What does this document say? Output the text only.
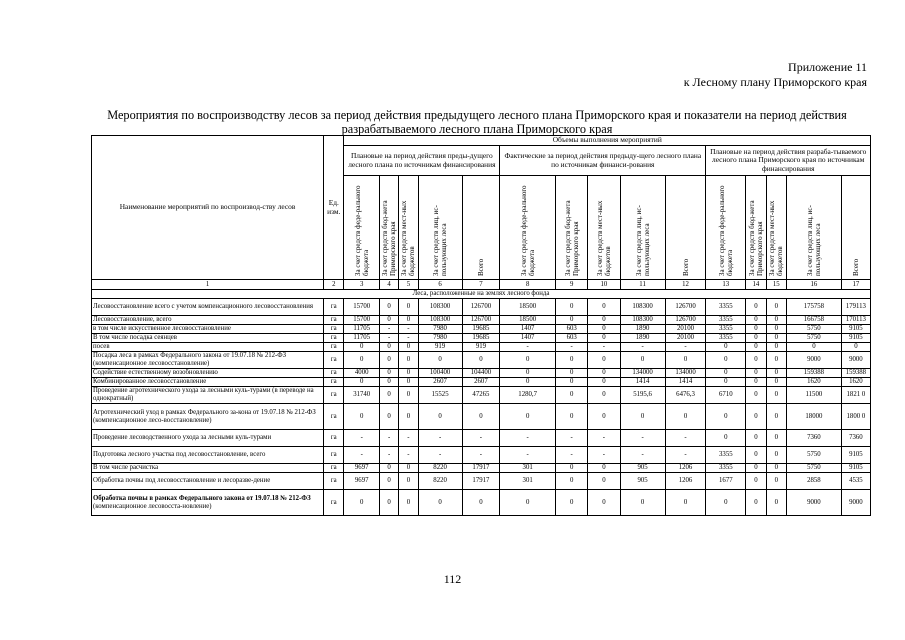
Приложение 11
к Лесному плану Приморского края
Мероприятия по воспроизводству лесов за период действия предыдущего лесного плана Приморского края и показатели на период действия
разрабатываемого лесного плана Приморского края
Наименование мероприятий по воспроизвод-ству лесов	Ед. изм.	Объемы выполнения мероприятий														
		Плановые на период действия преды-дущего лесного плана по источникам финансирования					Фактические за период действия предыду-щего лесного плана по источникам финанси-рования					Плановые на период действия разраба-тываемого лесного плана Приморского края по источникам финансирования				
		За счет средств феде-рального бюджета	За счет средств бюд-жета Приморского края	За счет средств мест-ных бюджетов	За счет средств лиц, ис-пользующих леса	Всего	За счет средств феде-рального бюджета	За счет средств бюд-жета Приморского края	За счет средств мест-ных бюджетов	За счет средств лиц, ис-пользующих леса	Всего	За счет средств феде-рального бюджета	За счет средств бюд-жета Приморского края	За счет средств мест-ных бюджетов	За счет средств лиц, ис-пользующих леса	Всего
1	2	3	4	5	6	7	8	9	10	11	12	13	14	15	16	17
Леса, расположенные на землях лесного фонда																
Лесовосстановление всего с учетом компенсационного лесовосстановления	га	15700	0	0	108300	126700	18500	0	0	108300	126700	3355	0	0	175758	179113
Лесовосстановление, всего	га	15700	0	0	108300	126700	18500	0	0	108300	126700	3355	0	0	166758	170113
в том числе искусственное лесовосстановление	га	11705	-	-	7980	19685	1407	603	0	1890	20100	3355	0	0	5750	9105
В том числе посадка сеянцев	га	11705	-	-	7980	19685	1407	603	0	1890	20100	3355	0	0	5750	9105
посев	га	0	0	0	919	919	-	-	-	-	-	0	0	0	0	0
Посадка леса в рамках Федерального закона от 19.07.18 № 212-ФЗ (компенсационное лесовосстановление)	га	0	0	0	0	0	0	0	0	0	0	0	0	0	9000	9000
Содействие естественному возобновлению	га	4000	0	0	100400	104400	0	0	0	134000	134000	0	0	0	159388	159388
Комбинированное лесовосстановление	га	0	0	0	2607	2607	0	0	0	1414	1414	0	0	0	1620	1620
Проведение агротехнического ухода за лесными куль-турами (в переводе на однократный)	га	31740	0	0	15525	47265	1280,7	0	0	5195,6	6476,3	6710	0	0	11500	1821 0
Агротехнический уход в рамках Федерального за-кона от 19.07.18 № 212-ФЗ (компенсационное лесо-восстановление)	га	0	0	0	0	0	0	0	0	0	0	0	0	0	18000	1800 0
Проведение лесоводственного ухода за лесными куль-турами	га	-	-	-	-	-	-	-	-	-	-	0	0	0	7360	7360
Подготовка лесного участка под лесовосстановление, всего	га	-	-	-	-	-	-	-	-	-	-	3355	0	0	5750	9105
В том числе расчистка	га	9697	0	0	8220	17917	301	0	0	905	1206	3355	0	0	5750	9105
Обработка почвы под лесовосстановление и лесоразве-дение	га	9697	0	0	8220	17917	301	0	0	905	1206	1677	0	0	2858	4535
Обработка почвы в рамках Федерального закона от 19.07.18 № 212-ФЗ (компенсационное лесовосста-новление)	га	0	0	0	0	0	0	0	0	0	0	0	0	0	9000	9000
112
